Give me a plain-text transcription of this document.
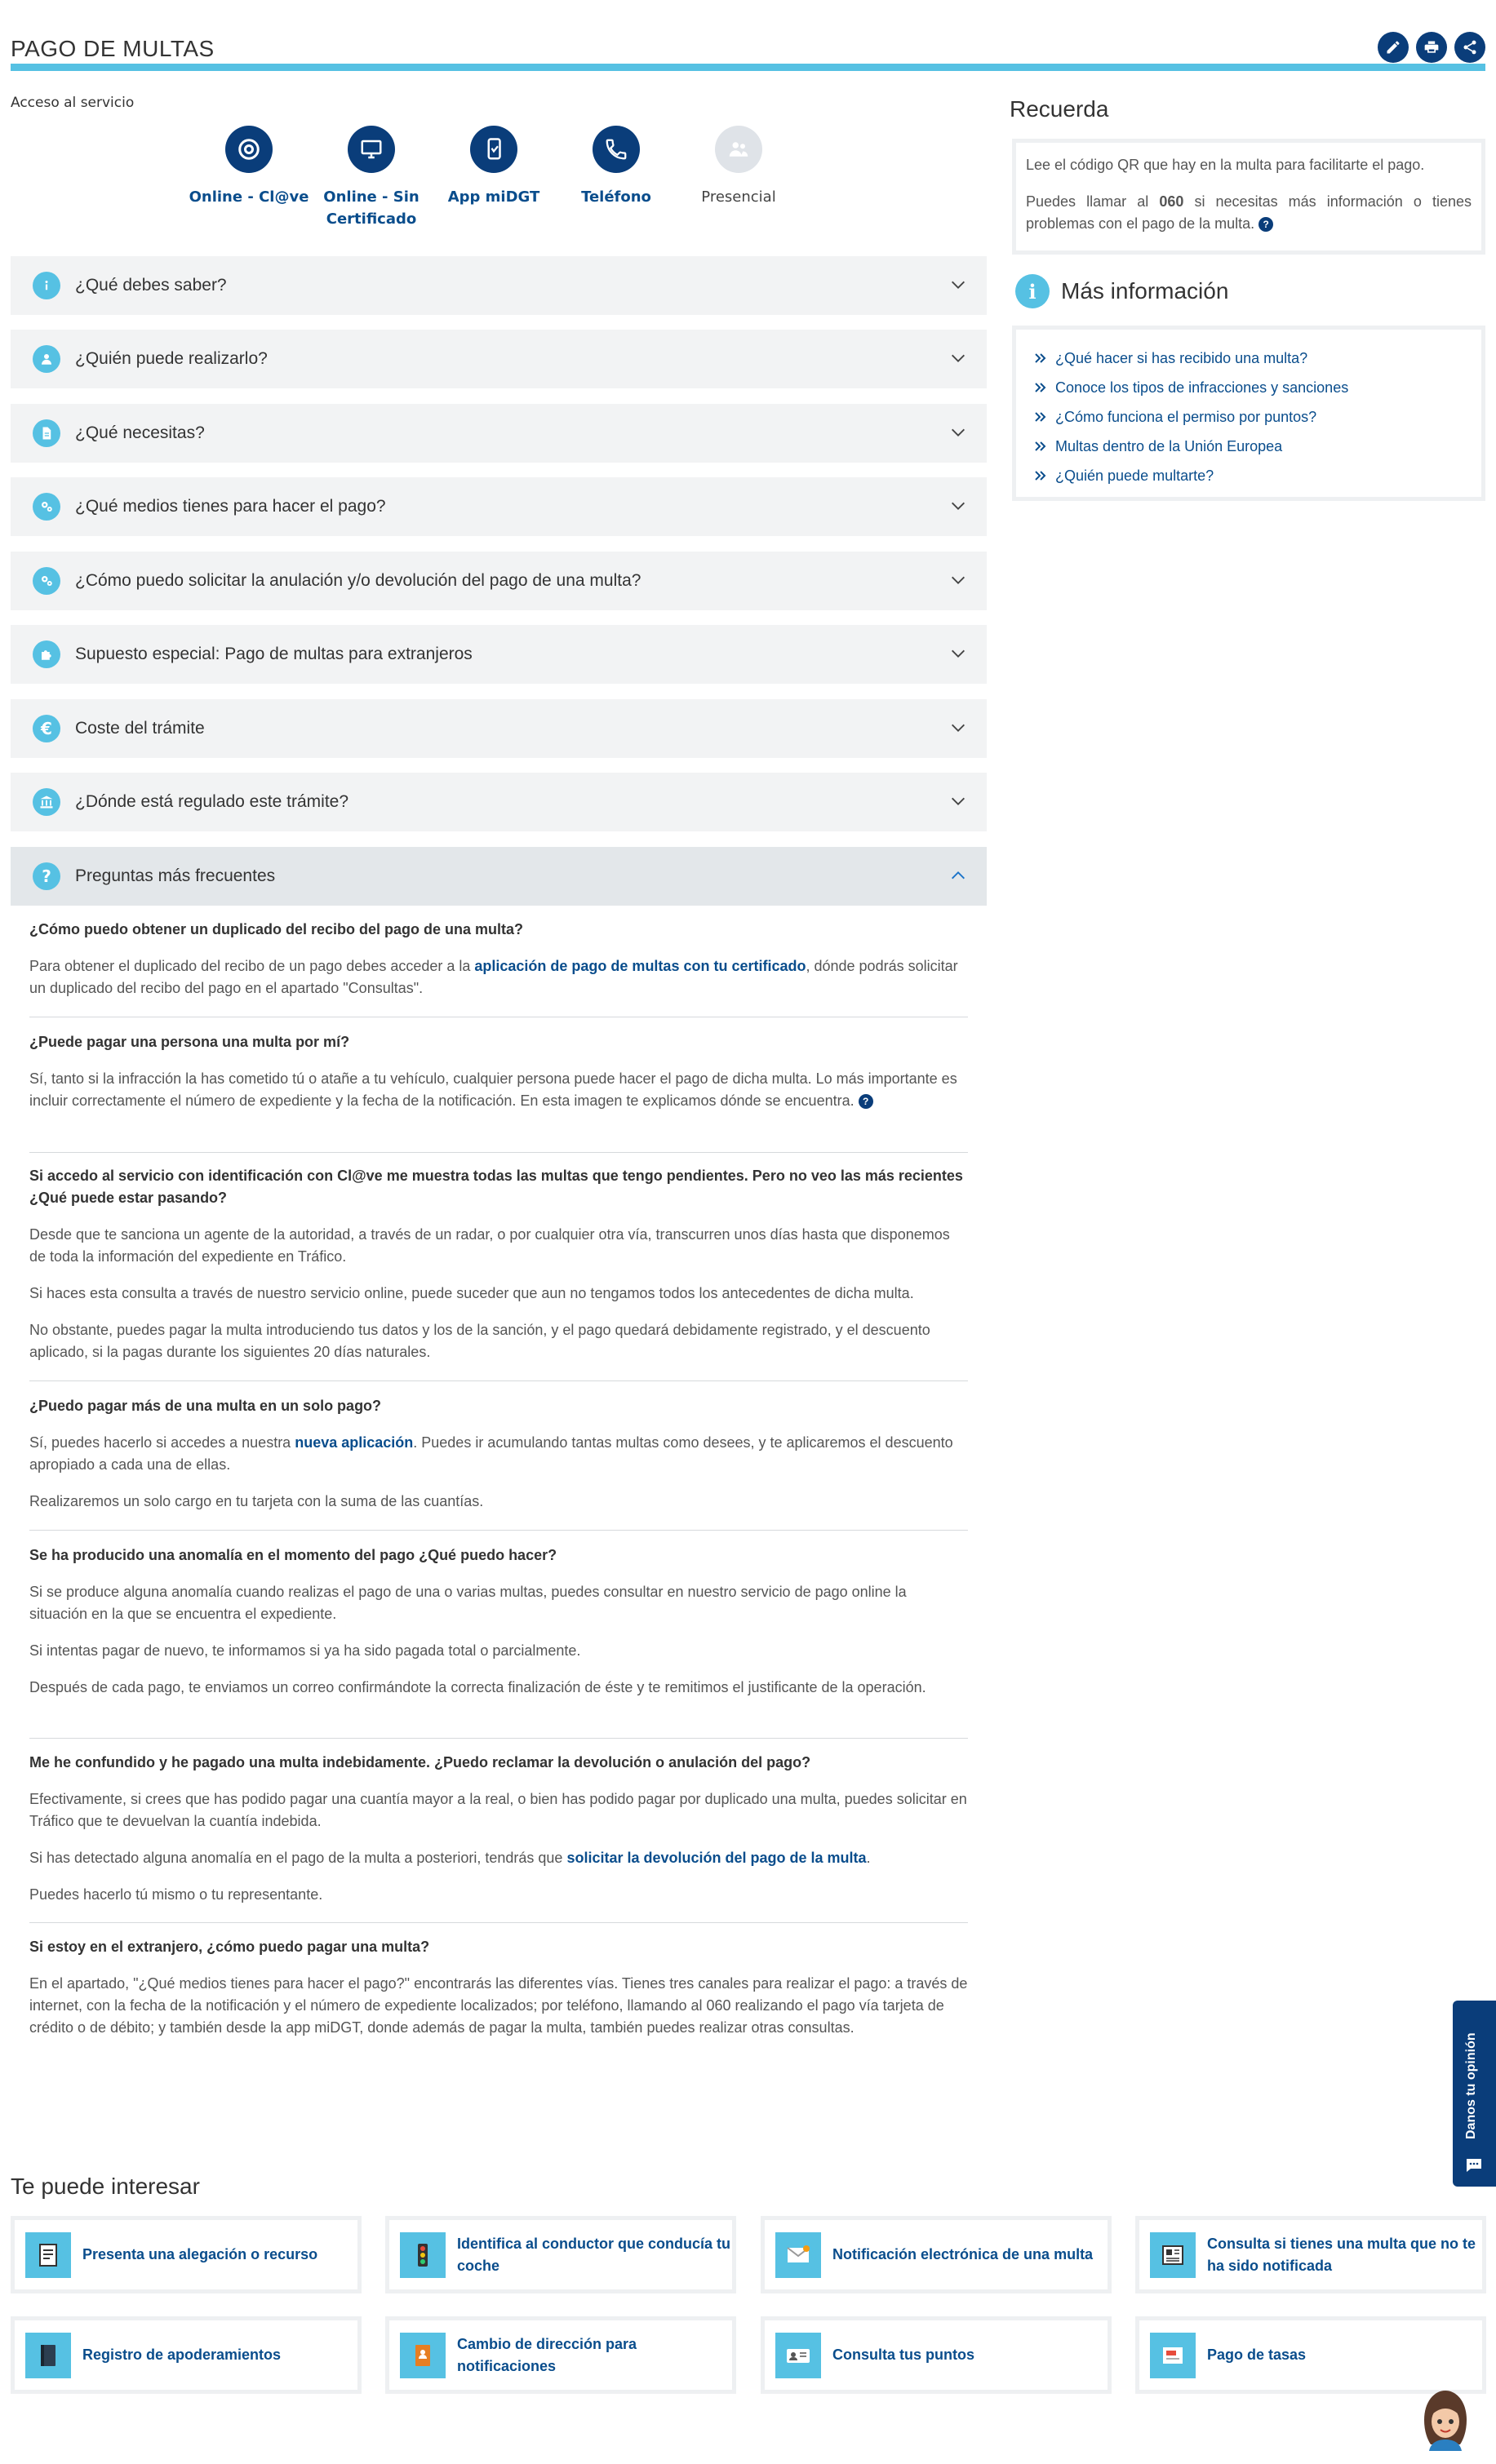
PAGO DE MULTAS
Acceso al servicio
Online - Cl@ve Online - Sin Certificado
App miDGT	Teléfono	Presencial
¿Qué debes saber?
¿Quién puede realizarlo?
¿Qué necesitas?
¿Qué medios tienes para hacer el pago?
¿Cómo puedo solicitar la anulación y/o devolución del pago de una multa?
Supuesto especial: Pago de multas para extranjeros
€	Coste del trámite
¿Dónde está regulado este trámite?
?	Preguntas más frecuentes
¿Cómo puedo obtener un duplicado del recibo del pago de una multa?
Para obtener el duplicado del recibo de un pago debes acceder a la aplicación de pago de multas con tu certificado, dónde podrás solicitar un duplicado del recibo del pago en el apartado "Consultas".
¿Puede pagar una persona una multa por mí?
Sí, tanto si la infracción la has cometido tú o atañe a tu vehículo, cualquier persona puede hacer el pago de dicha multa. Lo más importante es incluir correctamente el número de expediente y la fecha de la notificación. En esta imagen te explicamos dónde se encuentra. ?
Si accedo al servicio con identificación con Cl@ve me muestra todas las multas que tengo pendientes. Pero no veo las más recientes ¿Qué puede estar pasando?
Desde que te sanciona un agente de la autoridad, a través de un radar, o por cualquier otra vía, transcurren unos días hasta que disponemos de toda la información del expediente en Tráfico.
Si haces esta consulta a través de nuestro servicio online, puede suceder que aun no tengamos todos los antecedentes de dicha multa.
No obstante, puedes pagar la multa introduciendo tus datos y los de la sanción, y el pago quedará debidamente registrado, y el descuento aplicado, si la pagas durante los siguientes 20 días naturales.
¿Puedo pagar más de una multa en un solo pago?
Sí, puedes hacerlo si accedes a nuestra nueva aplicación. Puedes ir acumulando tantas multas como desees, y te aplicaremos el descuento apropiado a cada una de ellas.
Realizaremos un solo cargo en tu tarjeta con la suma de las cuantías.
Se ha producido una anomalía en el momento del pago ¿Qué puedo hacer?
Si se produce alguna anomalía cuando realizas el pago de una o varias multas, puedes consultar en nuestro servicio de pago online la situación en la que se encuentra el expediente.
Si intentas pagar de nuevo, te informamos si ya ha sido pagada total o parcialmente.
Después de cada pago, te enviamos un correo confirmándote la correcta finalización de éste y te remitimos el justificante de la operación.
Me he confundido y he pagado una multa indebidamente. ¿Puedo reclamar la devolución o anulación del pago?
Efectivamente, si crees que has podido pagar una cuantía mayor a la real, o bien has podido pagar por duplicado una multa, puedes solicitar en Tráfico que te devuelvan la cuantía indebida.
Si has detectado alguna anomalía en el pago de la multa a posteriori, tendrás que solicitar la devolución del pago de la multa.
Puedes hacerlo tú mismo o tu representante.
Si estoy en el extranjero, ¿cómo puedo pagar una multa?
En el apartado, "¿Qué medios tienes para hacer el pago?" encontrarás las diferentes vías. Tienes tres canales para realizar el pago: a través de internet, con la fecha de la notificación y el número de expediente localizados; por teléfono, llamando al 060 realizando el pago vía tarjeta de crédito o de débito; y también desde la app miDGT, donde además de pagar la multa, también puedes realizar otras consultas.
Recuerda

Lee el código QR que hay en la multa para facilitarte el pago.

Puedes llamar al 060 si necesitas más información o tienes problemas con el pago de la multa. ?

i	Más información
¿Qué hacer si has recibido una multa?
Conoce los tipos de infracciones y sanciones
¿Cómo funciona el permiso por puntos?
Multas dentro de la Unión Europea
¿Quién puede multarte?
Te puede interesar
Presenta una alegación o recurso
Identifica al conductor que conducía tu coche
Notificación electrónica de una multa
Consulta si tienes una multa que no te ha sido notificada
Registro de apoderamientos
Cambio de dirección para notificaciones
Consulta tus puntos	Pago de tasas
Danos tu opinión
